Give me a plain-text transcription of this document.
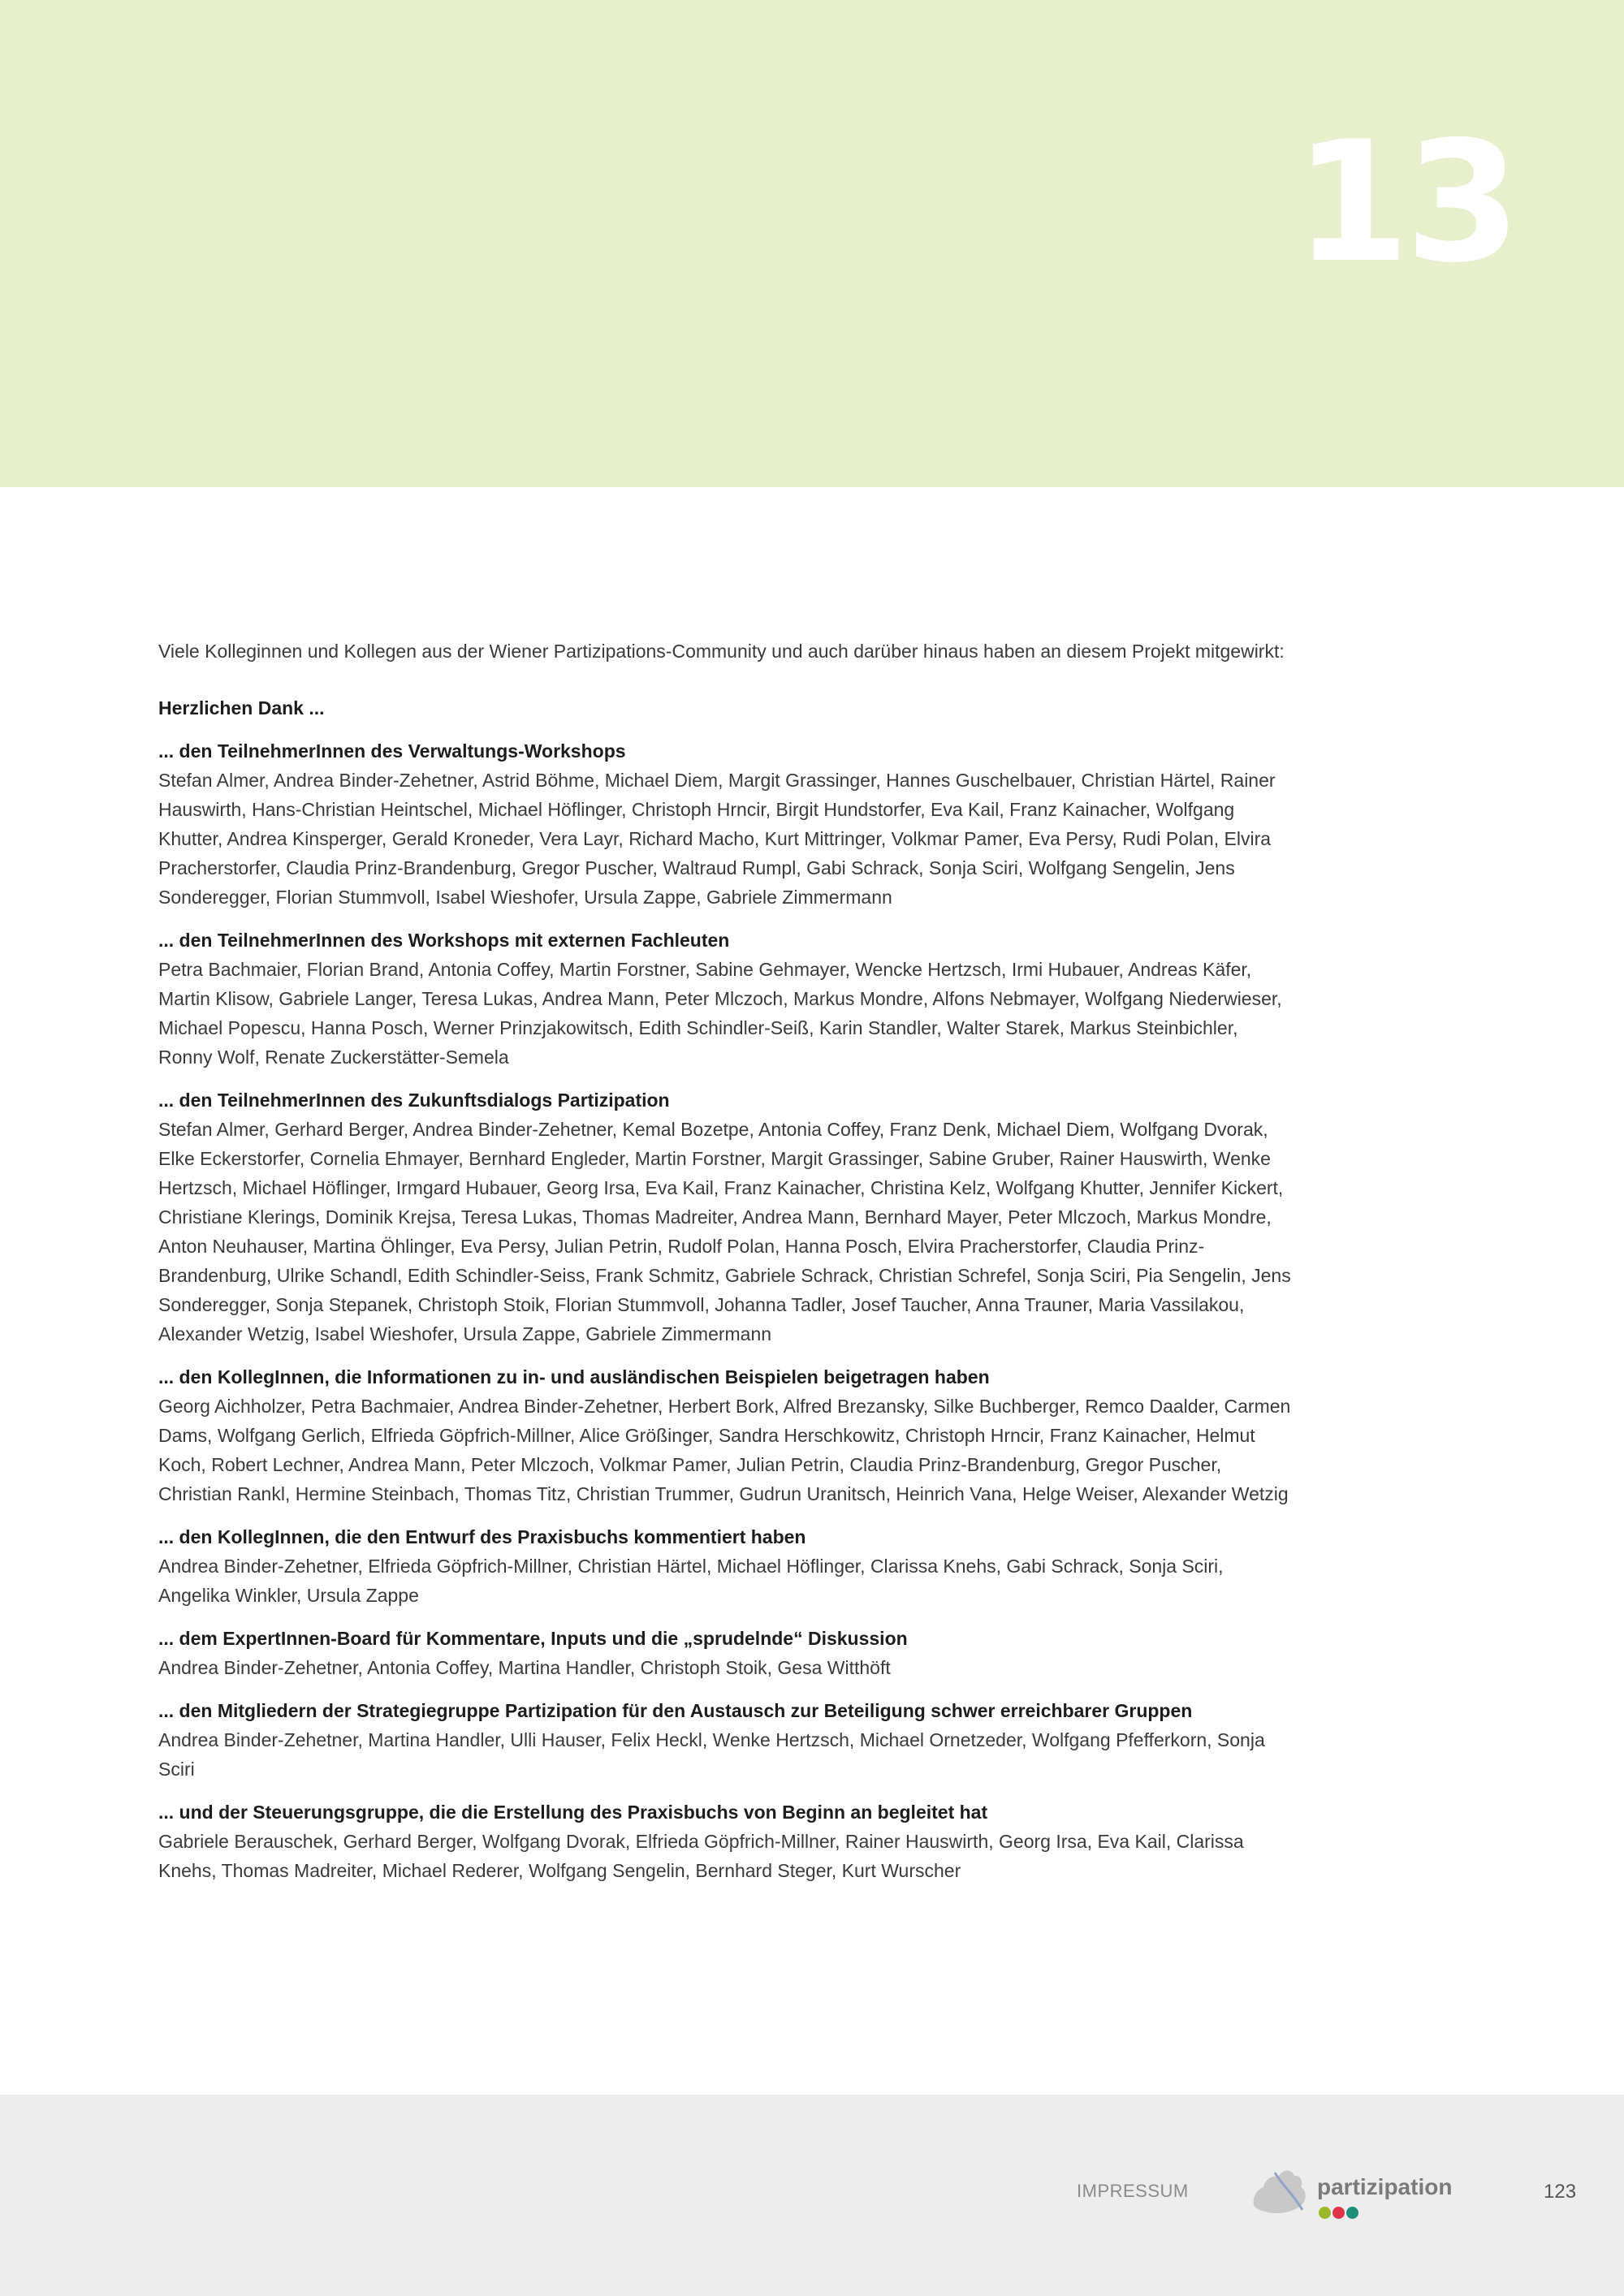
13

Viele Kolleginnen und Kollegen aus der Wiener Partizipations-Community und auch darüber hinaus haben an diesem Projekt mitgewirkt:

Herzlichen Dank ...

... den TeilnehmerInnen des Verwaltungs-Workshops
Stefan Almer, Andrea Binder-Zehetner, Astrid Böhme, Michael Diem, Margit Grassinger, Hannes Guschelbauer, Christian Härtel, Rainer Hauswirth, Hans-Christian Heintschel, Michael Höflinger, Christoph Hrncir, Birgit Hundstorfer, Eva Kail, Franz Kainacher, Wolfgang Khutter, Andrea Kinsperger, Gerald Kroneder, Vera Layr, Richard Macho, Kurt Mittringer, Volkmar Pamer, Eva Persy, Rudi Polan, Elvira Pracherstorfer, Claudia Prinz-Brandenburg, Gregor Puscher, Waltraud Rumpl, Gabi Schrack, Sonja Sciri, Wolfgang Sengelin, Jens Sonderegger, Florian Stummvoll, Isabel Wieshofer, Ursula Zappe, Gabriele Zimmermann
... den TeilnehmerInnen des Workshops mit externen Fachleuten
Petra Bachmaier, Florian Brand, Antonia Coffey, Martin Forstner, Sabine Gehmayer, Wencke Hertzsch, Irmi Hubauer, Andreas Käfer, Martin Klisow, Gabriele Langer, Teresa Lukas, Andrea Mann, Peter Mlczoch, Markus Mondre, Alfons Nebmayer, Wolfgang Niederwieser, Michael Popescu, Hanna Posch, Werner Prinzjakowitsch, Edith Schindler-Seiß, Karin Standler, Walter Starek, Markus Steinbichler, Ronny Wolf, Renate Zuckerstätter-Semela
... den TeilnehmerInnen des Zukunftsdialogs Partizipation
Stefan Almer, Gerhard Berger, Andrea Binder-Zehetner, Kemal Bozetpe, Antonia Coffey, Franz Denk, Michael Diem, Wolfgang Dvorak, Elke Eckerstorfer, Cornelia Ehmayer, Bernhard Engleder, Martin Forstner, Margit Grassinger, Sabine Gruber, Rainer Hauswirth, Wenke Hertzsch, Michael Höflinger, Irmgard Hubauer, Georg Irsa, Eva Kail, Franz Kainacher, Christina Kelz, Wolfgang Khutter, Jennifer Kickert, Christiane Klerings, Dominik Krejsa, Teresa Lukas, Thomas Madreiter, Andrea Mann, Bernhard Mayer, Peter Mlczoch, Markus Mondre, Anton Neuhauser, Martina Öhlinger, Eva Persy, Julian Petrin, Rudolf Polan, Hanna Posch, Elvira Pracherstorfer, Claudia Prinz-Brandenburg, Ulrike Schandl, Edith Schindler-Seiss, Frank Schmitz, Gabriele Schrack, Christian Schrefel, Sonja Sciri, Pia Sengelin, Jens Sonderegger, Sonja Stepanek, Christoph Stoik, Florian Stummvoll, Johanna Tadler, Josef Taucher, Anna Trauner, Maria Vassilakou, Alexander Wetzig, Isabel Wieshofer, Ursula Zappe, Gabriele Zimmermann
... den KollegInnen, die Informationen zu in- und ausländischen Beispielen beigetragen haben
Georg Aichholzer, Petra Bachmaier, Andrea Binder-Zehetner, Herbert Bork, Alfred Brezansky, Silke Buchberger, Remco Daalder, Carmen Dams, Wolfgang Gerlich, Elfrieda Göpfrich-Millner, Alice Größinger, Sandra Herschkowitz, Christoph Hrncir, Franz Kainacher, Helmut Koch, Robert Lechner, Andrea Mann, Peter Mlczoch, Volkmar Pamer, Julian Petrin, Claudia Prinz-Brandenburg, Gregor Puscher, Christian Rankl, Hermine Steinbach, Thomas Titz, Christian Trummer, Gudrun Uranitsch, Heinrich Vana, Helge Weiser, Alexander Wetzig
... den KollegInnen, die den Entwurf des Praxisbuchs kommentiert haben
Andrea Binder-Zehetner, Elfrieda Göpfrich-Millner, Christian Härtel, Michael Höflinger, Clarissa Knehs, Gabi Schrack, Sonja Sciri, Angelika Winkler, Ursula Zappe
... dem ExpertInnen-Board für Kommentare, Inputs und die „sprudelnde“ Diskussion
Andrea Binder-Zehetner, Antonia Coffey, Martina Handler, Christoph Stoik, Gesa Witthöft
... den Mitgliedern der Strategiegruppe Partizipation für den Austausch zur Beteiligung schwer erreichbarer Gruppen
Andrea Binder-Zehetner, Martina Handler, Ulli Hauser, Felix Heckl, Wenke Hertzsch, Michael Ornetzeder, Wolfgang Pfefferkorn, Sonja Sciri
... und der Steuerungsgruppe, die die Erstellung des Praxisbuchs von Beginn an begleitet hat
Gabriele Berauschek, Gerhard Berger, Wolfgang Dvorak, Elfrieda Göpfrich-Millner, Rainer Hauswirth, Georg Irsa, Eva Kail, Clarissa Knehs, Thomas Madreiter, Michael Rederer, Wolfgang Sengelin, Bernhard Steger, Kurt Wurscher
IMPRESSUM	partizipation	123
